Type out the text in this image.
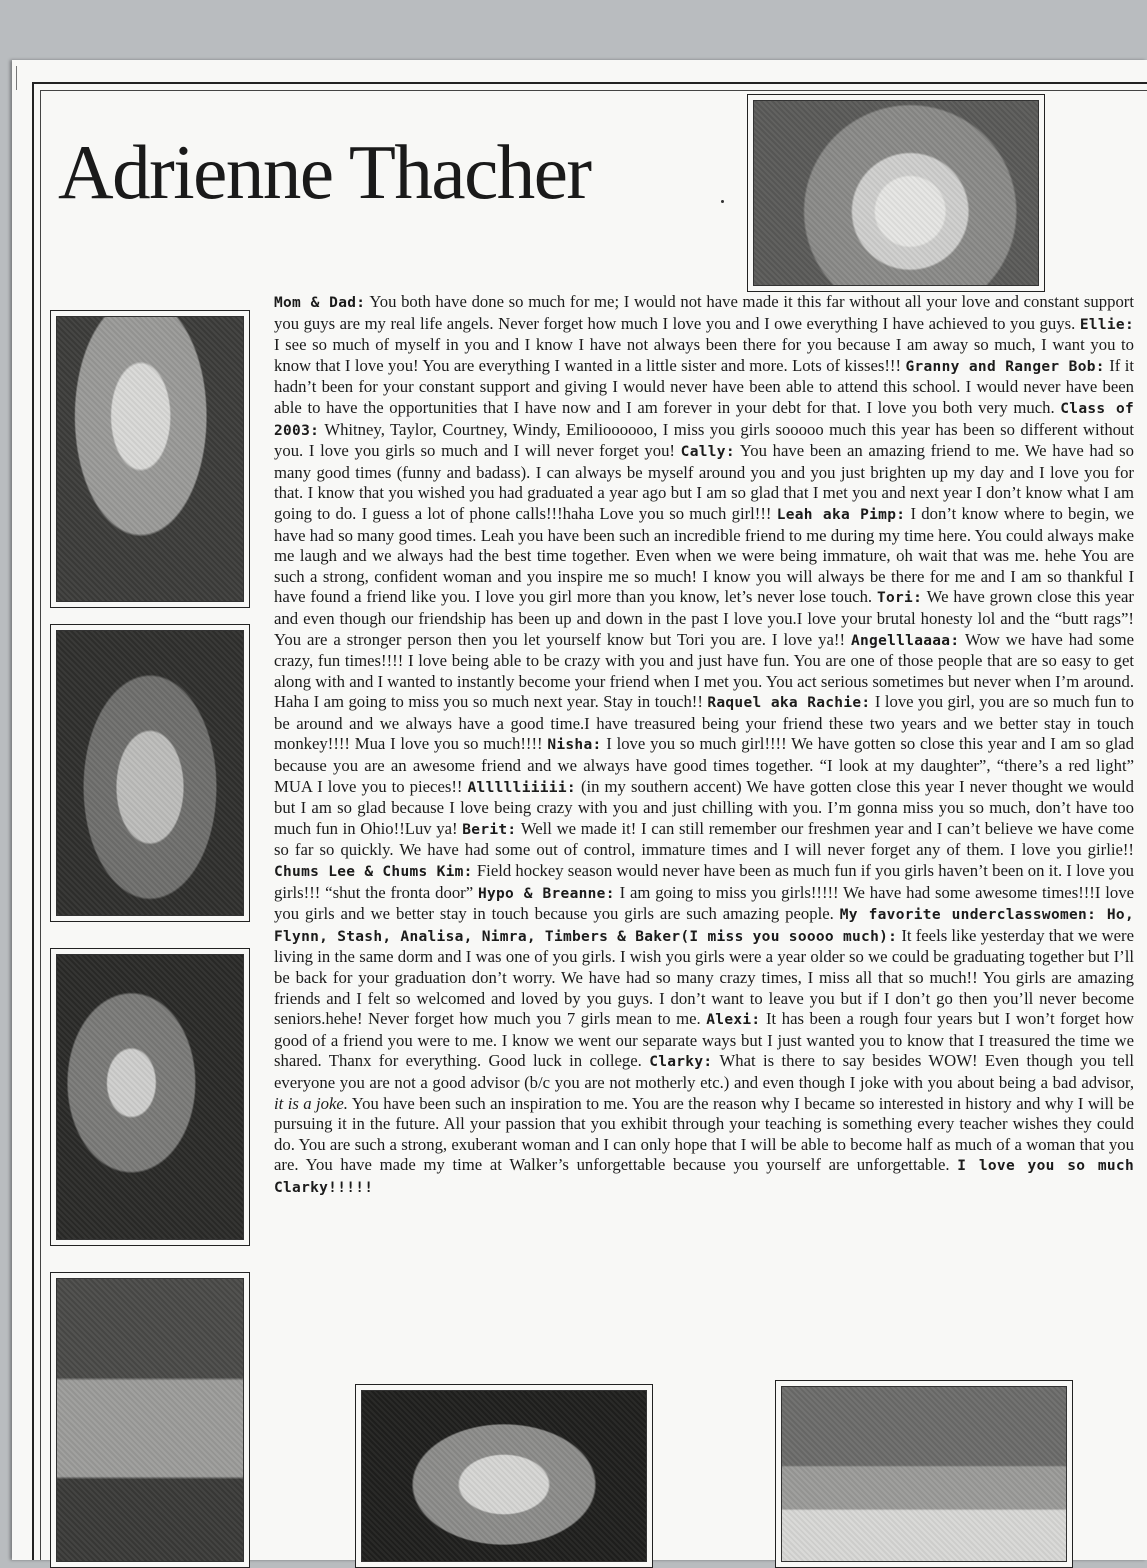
Adrienne Thacher

Mom & Dad: You both have done so much for me; I would not have made it this far without all your love and constant support you guys are my real life angels. Never forget how much I love you and I owe everything I have achieved to you guys. Ellie: I see so much of myself in you and I know I have not always been there for you because I am away so much, I want you to know that I love you! You are everything I wanted in a little sister and more. Lots of kisses!!! Granny and Ranger Bob: If it hadn’t been for your constant support and giving I would never have been able to attend this school. I would never have been able to have the opportunities that I have now and I am forever in your debt for that. I love you both very much. Class of 2003: Whitney, Taylor, Courtney, Windy, Emilioooooo, I miss you girls sooooo much this year has been so different without you. I love you girls so much and I will never forget you! Cally: You have been an amazing friend to me. We have had so many good times (funny and badass). I can always be myself around you and you just brighten up my day and I love you for that. I know that you wished you had graduated a year ago but I am so glad that I met you and next year I don’t know what I am going to do. I guess a lot of phone calls!!!haha Love you so much girl!!! Leah aka Pimp: I don’t know where to begin, we have had so many good times. Leah you have been such an incredible friend to me during my time here. You could always make me laugh and we always had the best time together. Even when we were being immature, oh wait that was me. hehe You are such a strong, confident woman and you inspire me so much! I know you will always be there for me and I am so thankful I have found a friend like you. I love you girl more than you know, let’s never lose touch. Tori: We have grown close this year and even though our friendship has been up and down in the past I love you.I love your brutal honesty lol and the “butt rags”! You are a stronger person then you let yourself know but Tori you are. I love ya!! Angelllaaaa: Wow we have had some crazy, fun times!!!! I love being able to be crazy with you and just have fun. You are one of those people that are so easy to get along with and I wanted to instantly become your friend when I met you. You act serious sometimes but never when I’m around. Haha I am going to miss you so much next year. Stay in touch!! Raquel aka Rachie: I love you girl, you are so much fun to be around and we always have a good time.I have treasured being your friend these two years and we better stay in touch monkey!!!! Mua I love you so much!!!! Nisha: I love you so much girl!!!! We have gotten so close this year and I am so glad because you are an awesome friend and we always have good times together. “I look at my daughter”, “there’s a red light” MUA I love you to pieces!! Allllliiiii: (in my southern accent) We have gotten close this year I never thought we would but I am so glad because I love being crazy with you and just chilling with you. I’m gonna miss you so much, don’t have too much fun in Ohio!!Luv ya! Berit: Well we made it! I can still remember our freshmen year and I can’t believe we have come so far so quickly. We have had some out of control, immature times and I will never forget any of them. I love you girlie!! Chums Lee & Chums Kim: Field hockey season would never have been as much fun if you girls haven’t been on it. I love you girls!!! “shut the fronta door” Hypo & Breanne: I am going to miss you girls!!!!! We have had some awesome times!!!I love you girls and we better stay in touch because you girls are such amazing people. My favorite underclasswomen: Ho, Flynn, Stash, Analisa, Nimra, Timbers & Baker(I miss you soooo much): It feels like yesterday that we were living in the same dorm and I was one of you girls. I wish you girls were a year older so we could be graduating together but I’ll be back for your graduation don’t worry. We have had so many crazy times, I miss all that so much!! You girls are amazing friends and I felt so welcomed and loved by you guys. I don’t want to leave you but if I don’t go then you’ll never become seniors.hehe! Never forget how much you 7 girls mean to me. Alexi: It has been a rough four years but I won’t forget how good of a friend you were to me. I know we went our separate ways but I just wanted you to know that I treasured the time we shared. Thanx for everything. Good luck in college. Clarky: What is there to say besides WOW! Even though you tell everyone you are not a good advisor (b/c you are not motherly etc.) and even though I joke with you about being a bad advisor, it is a joke. You have been such an inspiration to me. You are the reason why I became so interested in history and why I will be pursuing it in the future. All your passion that you exhibit through your teaching is something every teacher wishes they could do. You are such a strong, exuberant woman and I can only hope that I will be able to become half as much of a woman that you are. You have made my time at Walker’s unforgettable because you yourself are unforgettable. I love you so much Clarky!!!!!
